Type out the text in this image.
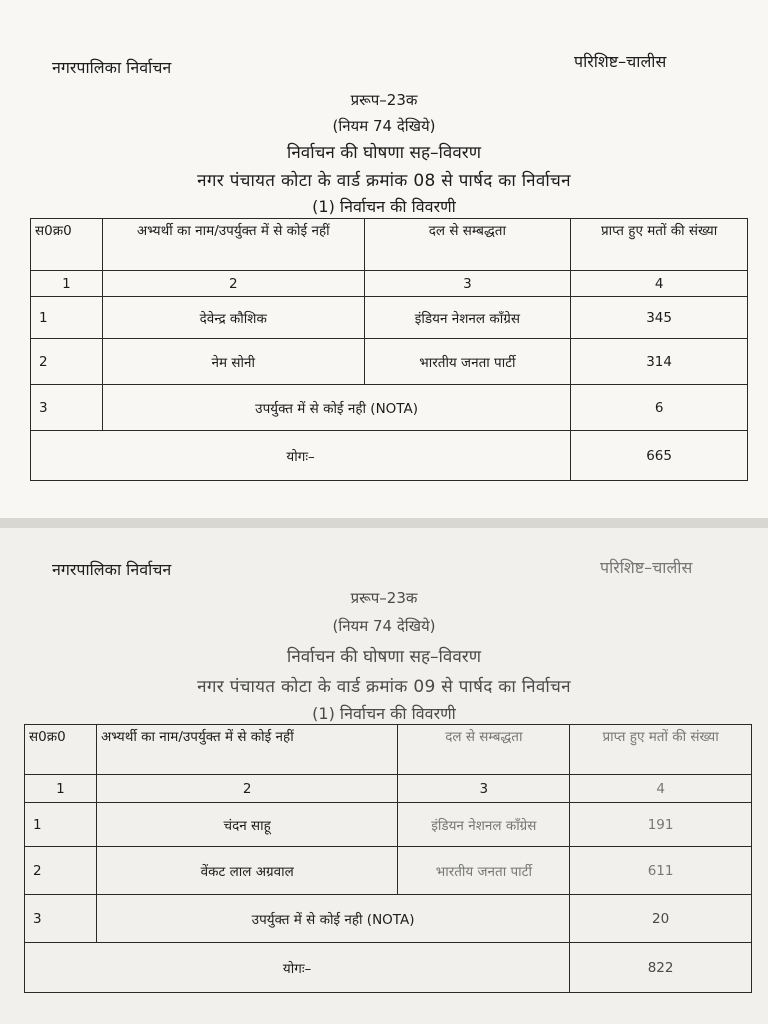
नगरपालिका निर्वाचन	परिशिष्ट–चालीस
प्ररूप–23क
(नियम 74 देखिये)
निर्वाचन की घोषणा सह–विवरण
नगर पंचायत कोटा के वार्ड क्रमांक 08 से पार्षद का निर्वाचन
(1) निर्वाचन की विवरणी
स0क्र0	अभ्यर्थी का नाम/उपर्युक्त में से कोई नहीं	दल से सम्बद्धता	प्राप्त हुए मतों की संख्या
1	2	3	4
1	देवेन्द्र कौशिक	इंडियन नेशनल कॉंग्रेस	345
2	नेम सोनी	भारतीय जनता पार्टी	314
3	उपर्युक्त में से कोई नही (NOTA)		6
योगः–			665
नगरपालिका निर्वाचन	परिशिष्ट–चालीस
प्ररूप–23क
(नियम 74 देखिये)
निर्वाचन की घोषणा सह–विवरण
नगर पंचायत कोटा के वार्ड क्रमांक 09 से पार्षद का निर्वाचन
(1) निर्वाचन की विवरणी
स0क्र0	अभ्यर्थी का नाम/उपर्युक्त में से कोई नहीं	दल से सम्बद्धता	प्राप्त हुए मतों की संख्या
1	2	3	4
1	चंदन साहू	इंडियन नेशनल कॉंग्रेस	191
2	वेंकट लाल अग्रवाल	भारतीय जनता पार्टी	611
3	उपर्युक्त में से कोई नही (NOTA)		20
योगः–			822
